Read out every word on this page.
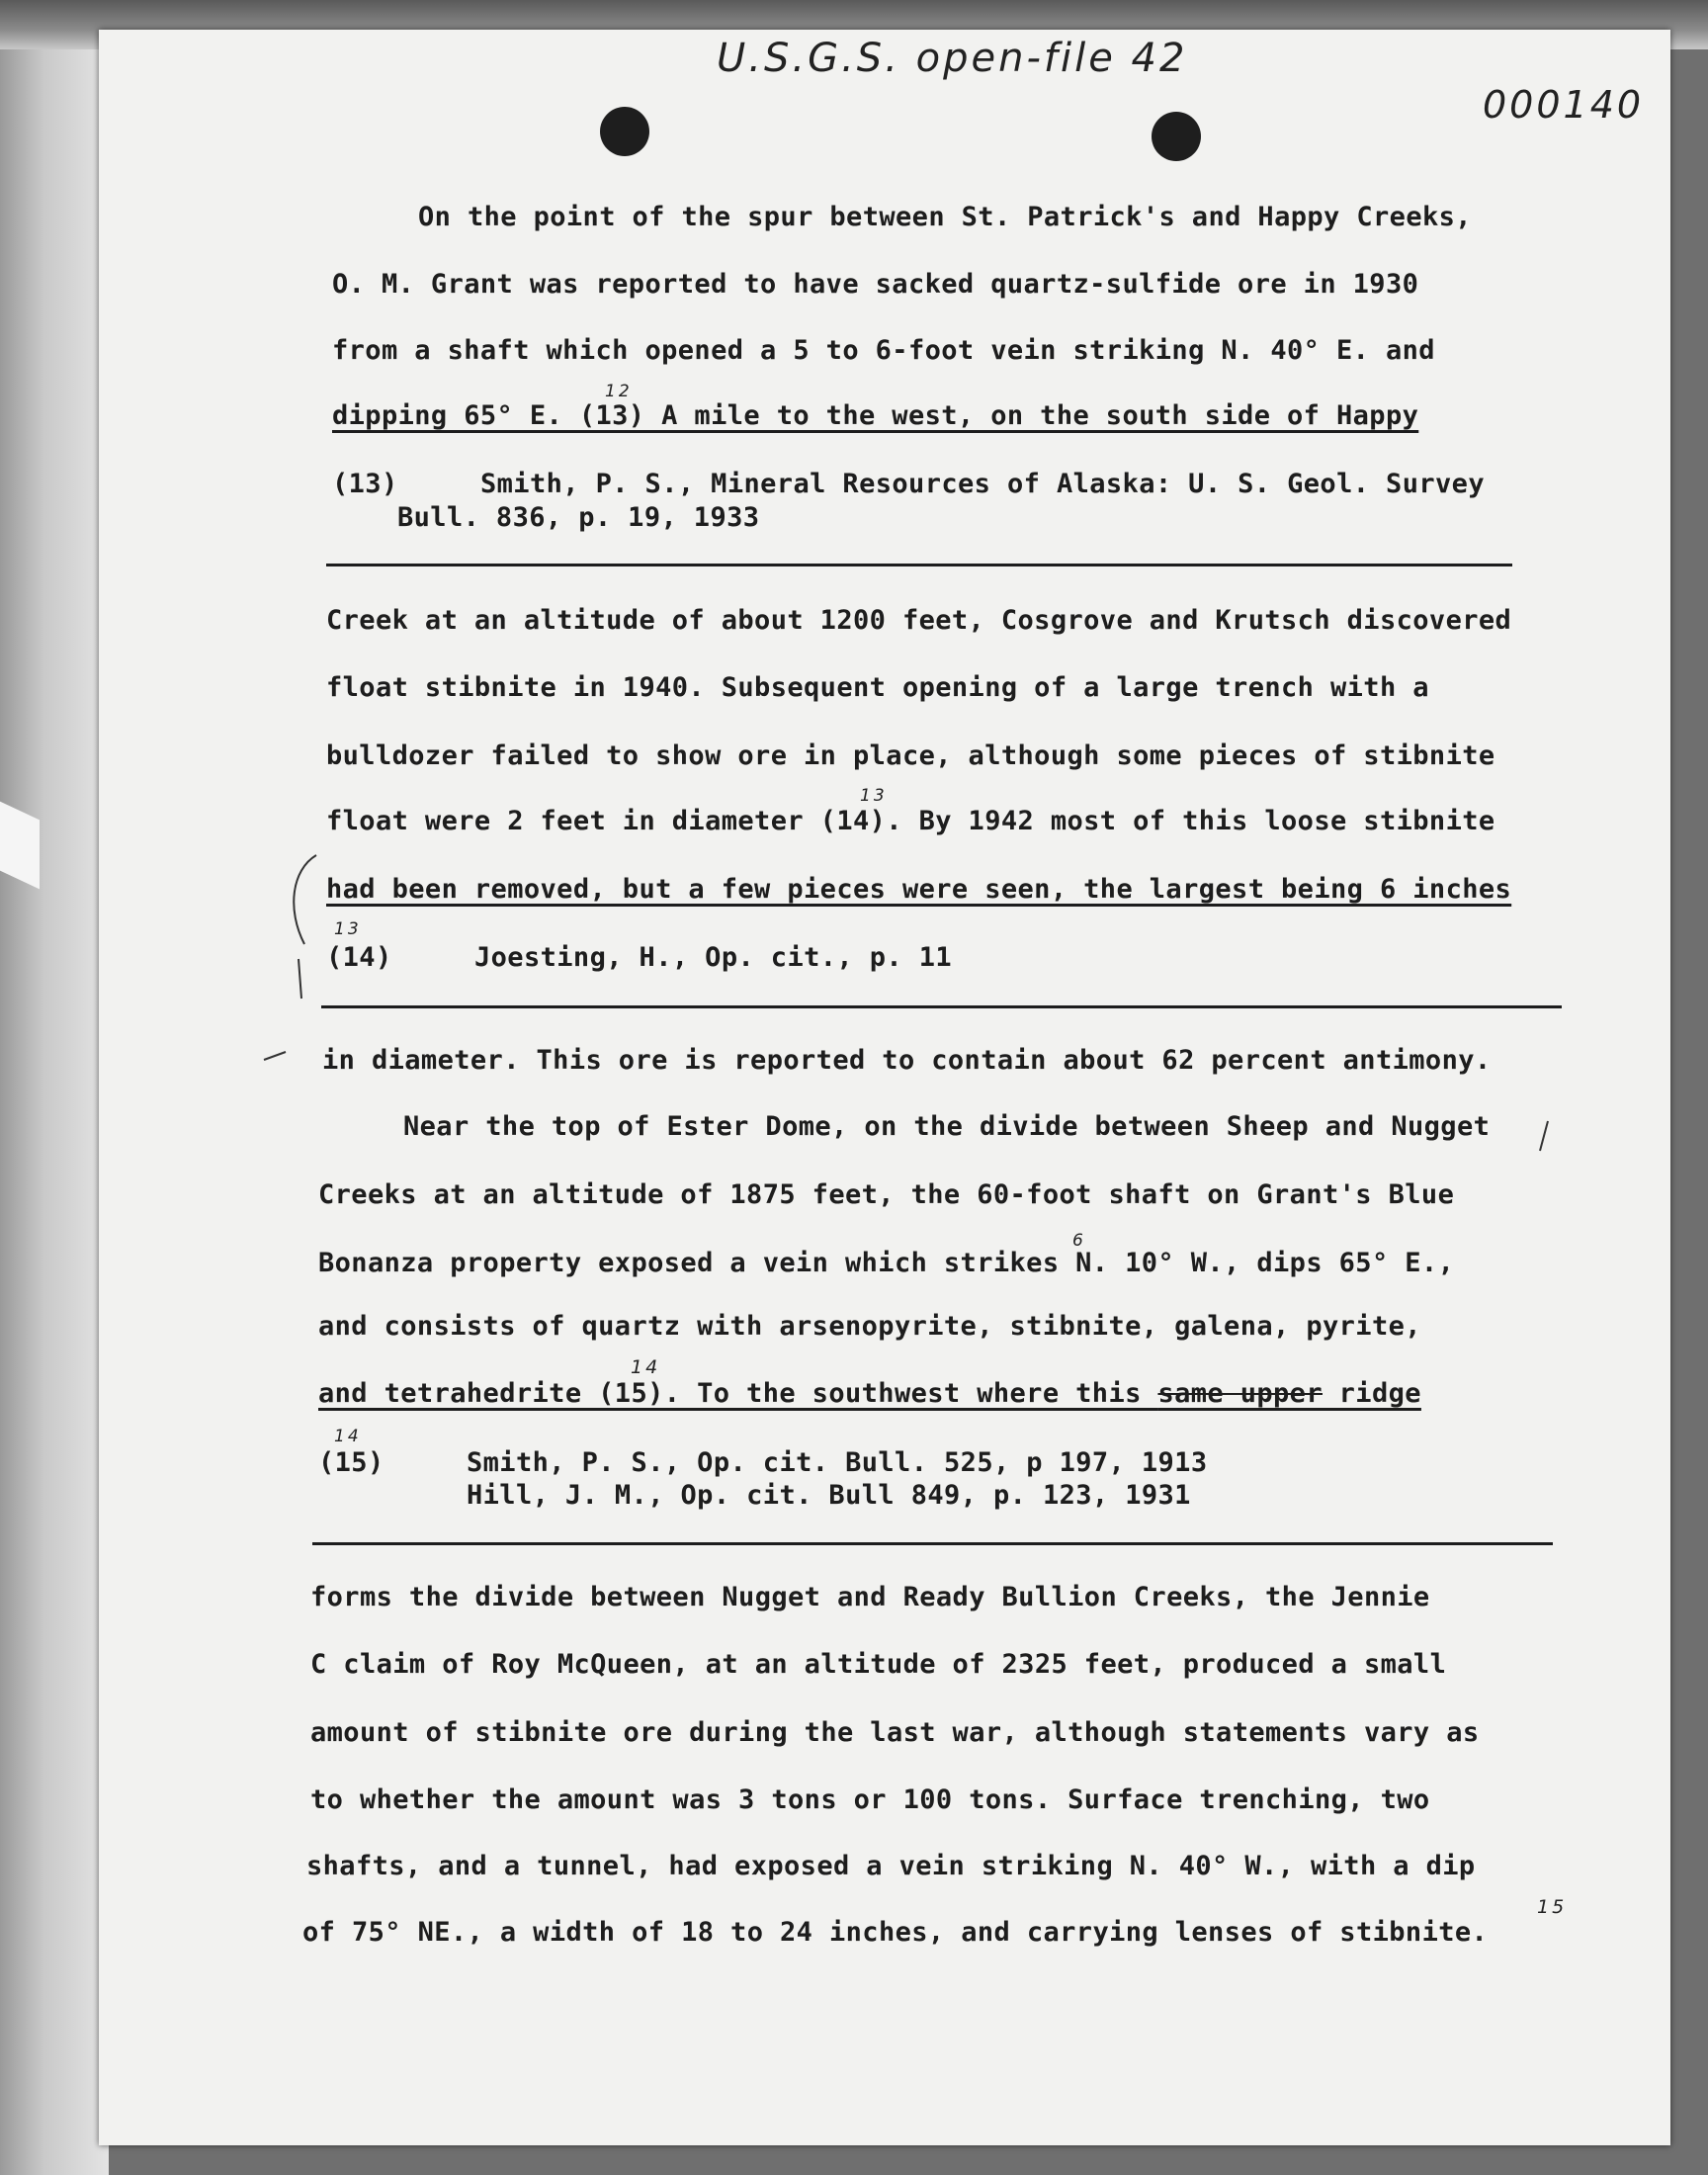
U.S.G.S. open-file 42
000140
On the point of the spur between St. Patrick's and Happy Creeks,
O. M. Grant was reported to have sacked quartz-sulfide ore in 1930
from a shaft which opened a 5 to 6-foot vein striking N. 40° E. and
dipping 65° E. (13) A mile to the west, on the south side of Happy
(13)	Smith, P. S., Mineral Resources of Alaska: U. S. Geol. Survey
Bull. 836, p. 19, 1933
Creek at an altitude of about 1200 feet, Cosgrove and Krutsch discovered
float stibnite in 1940. Subsequent opening of a large trench with a
bulldozer failed to show ore in place, although some pieces of stibnite
float were 2 feet in diameter (14). By 1942 most of this loose stibnite
had been removed, but a few pieces were seen, the largest being 6 inches
(14)	Joesting, H., Op. cit., p. 11
in diameter. This ore is reported to contain about 62 percent antimony.
Near the top of Ester Dome, on the divide between Sheep and Nugget
Creeks at an altitude of 1875 feet, the 60-foot shaft on Grant's Blue
Bonanza property exposed a vein which strikes N. 10° W., dips 65° E.,
and consists of quartz with arsenopyrite, stibnite, galena, pyrite,
and tetrahedrite (15). To the southwest where this same upper ridge
(15)	Smith, P. S., Op. cit. Bull. 525, p 197, 1913
Hill, J. M., Op. cit. Bull 849, p. 123, 1931
forms the divide between Nugget and Ready Bullion Creeks, the Jennie
C claim of Roy McQueen, at an altitude of 2325 feet, produced a small
amount of stibnite ore during the last war, although statements vary as
to whether the amount was 3 tons or 100 tons. Surface trenching, two
shafts, and a tunnel, had exposed a vein striking N. 40° W., with a dip
of 75° NE., a width of 18 to 24 inches, and carrying lenses of stibnite.
12
13
13
14
14
6
15
